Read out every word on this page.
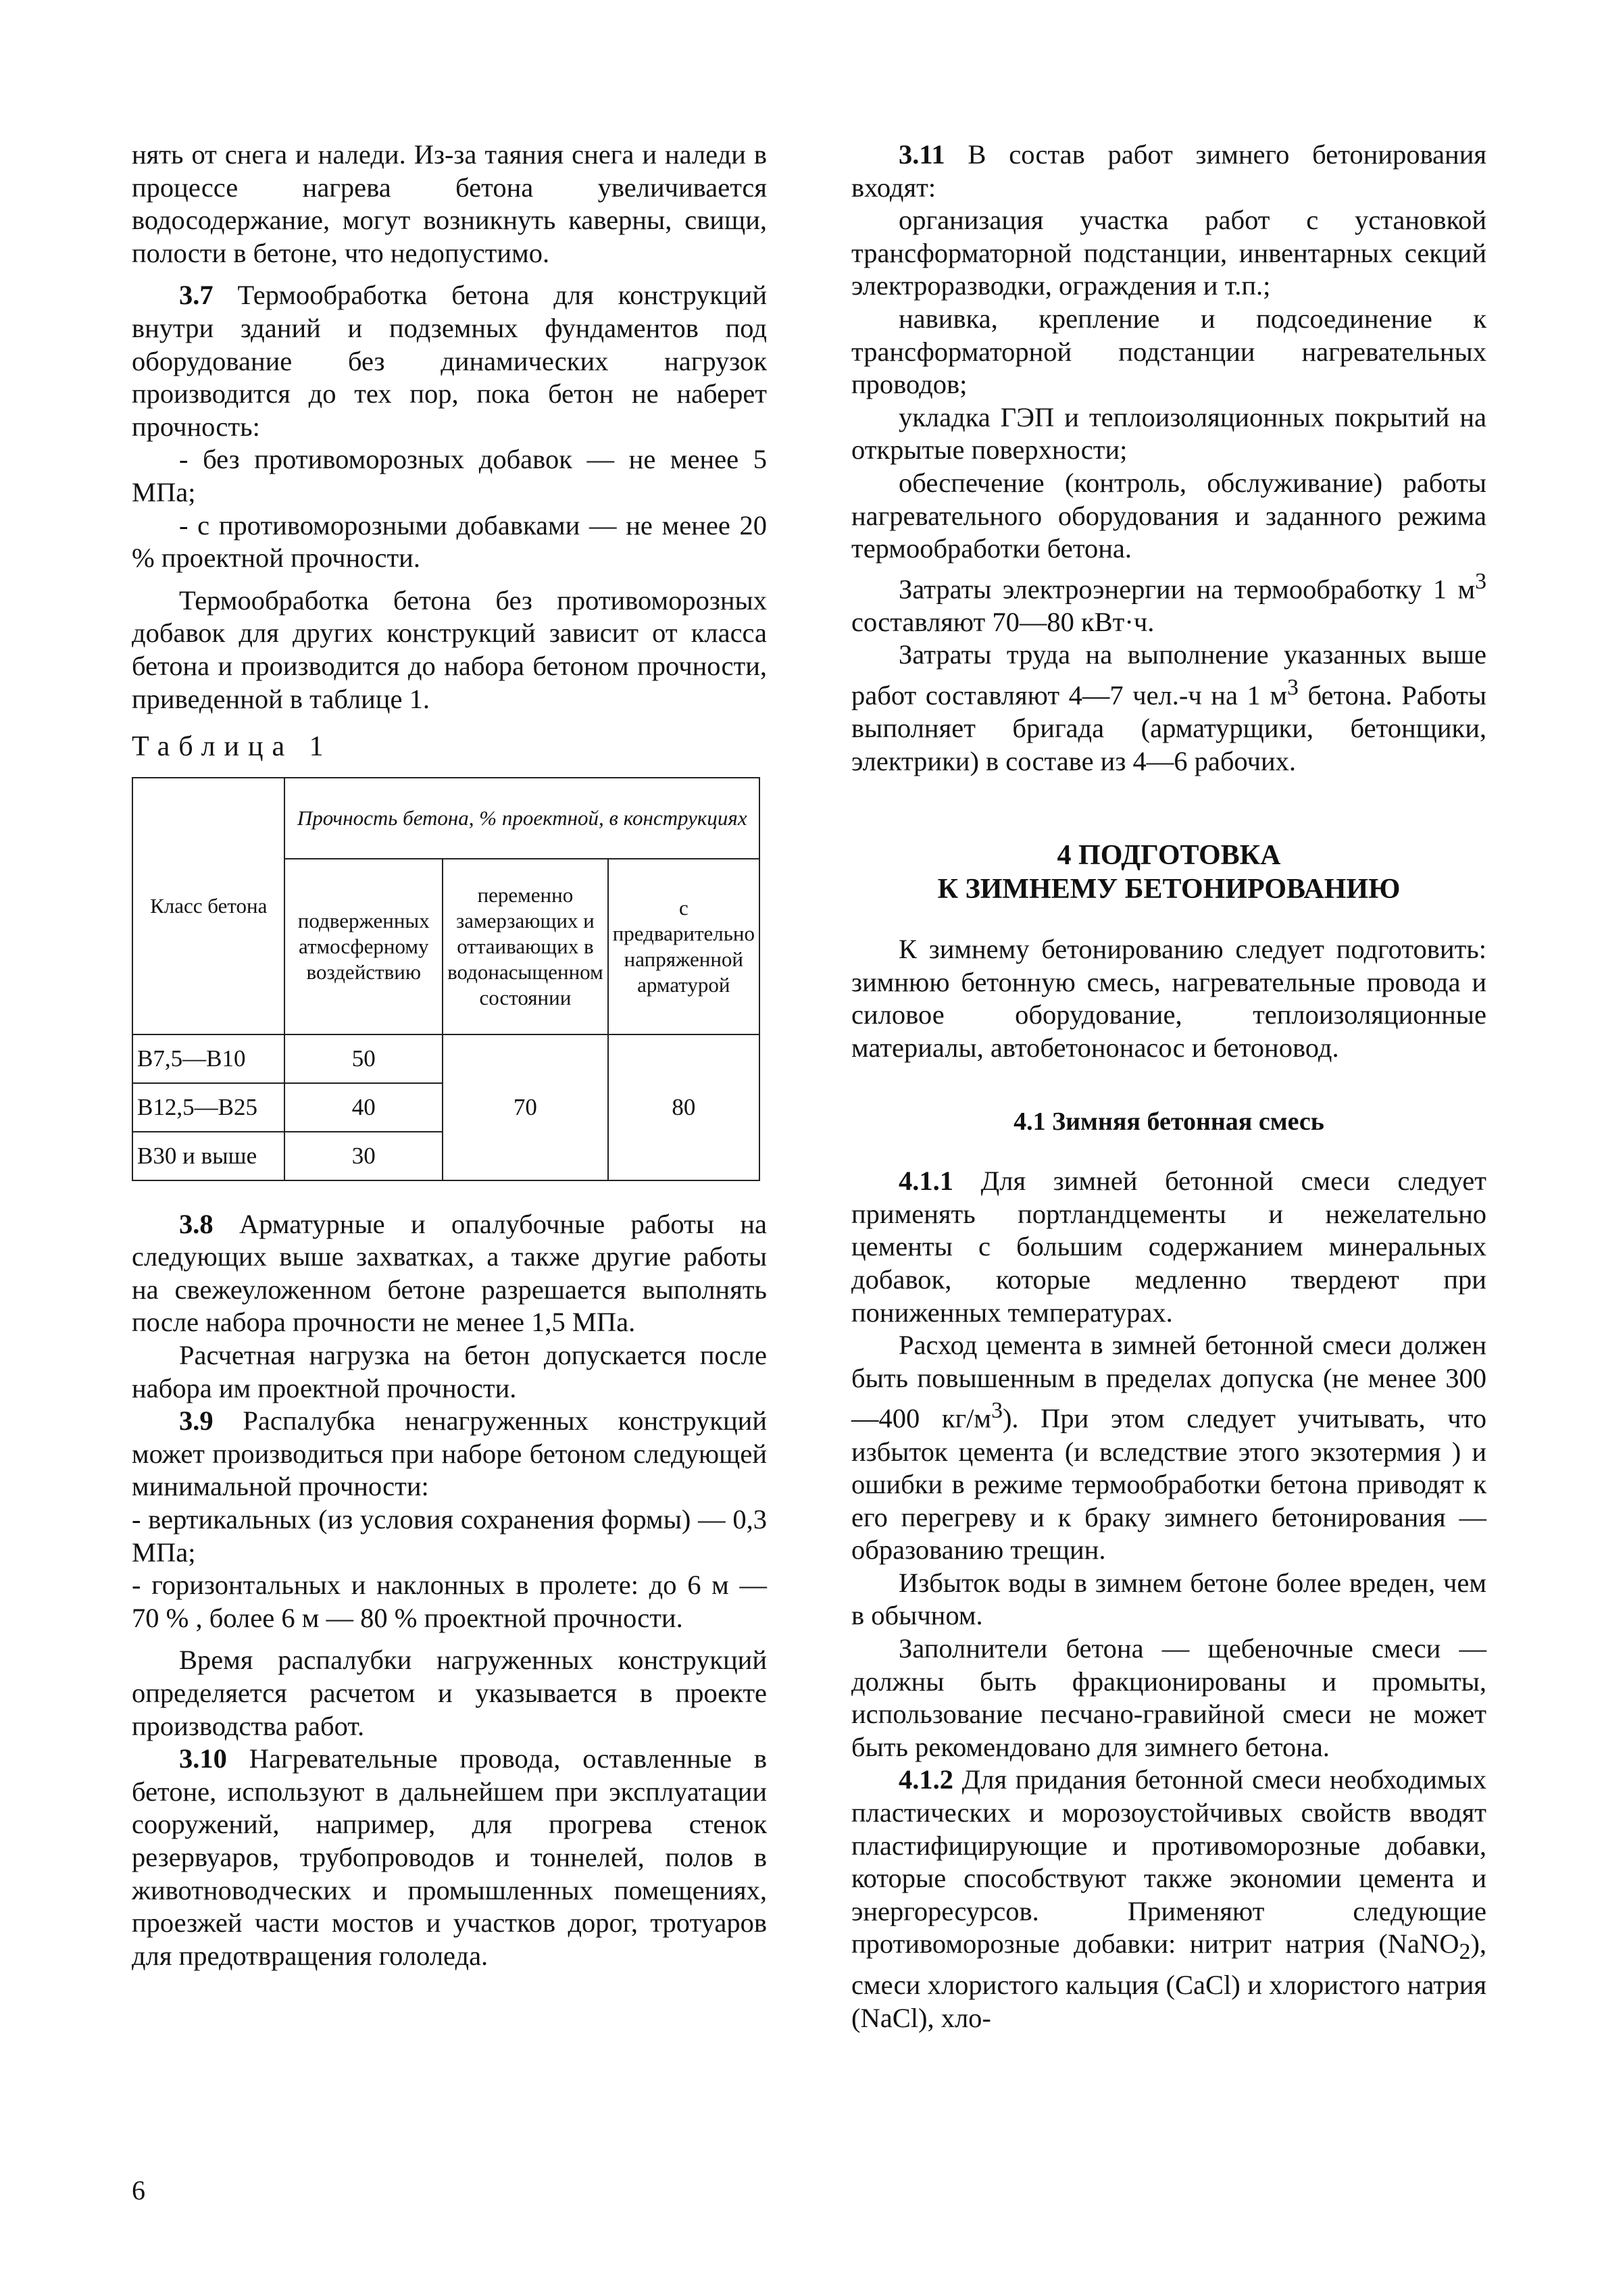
нять от снега и наледи. Из-за таяния снега и наледи в процессе нагрева бетона увеличивается водосодержание, могут возникнуть каверны, свищи, полости в бетоне, что недопустимо.

3.7 Термообработка бетона для конструкций внутри зданий и подземных фундаментов под оборудование без динамических нагрузок производится до тех пор, пока бетон не наберет прочность:

- без противоморозных добавок — не менее 5 МПа;

- с противоморозными добавками — не менее 20 % проектной прочности.

Термообработка бетона без противоморозных добавок для других конструкций зависит от класса бетона и производится до набора бетоном прочности, приведенной в таблице 1.

Таблица 1
Класс бетона	Прочность бетона, % проектной, в конструкциях		
	подверженных атмосферному воздействию	переменно замерзающих и оттаивающих в водонасыщенном состоянии	с предварительно напряженной арматурой
В7,5—В10	50	70	80
В12,5—В25	40		
В30 и выше	30		

3.8 Арматурные и опалубочные работы на следующих выше захватках, а также другие работы на свежеуложенном бетоне разрешается выполнять после набора прочности не менее 1,5 МПа.

Расчетная нагрузка на бетон допускается после набора им проектной прочности.

3.9 Распалубка ненагруженных конструкций может производиться при наборе бетоном следующей минимальной прочности:

- вертикальных (из условия сохранения формы) — 0,3 МПа;

- горизонтальных и наклонных в пролете: до 6 м — 70 % , более 6 м — 80 % проектной прочности.

Время распалубки нагруженных конструкций определяется расчетом и указывается в проекте производства работ.

3.10 Нагревательные провода, оставленные в бетоне, используют в дальнейшем при эксплуатации сооружений, например, для прогрева стенок резервуаров, трубопроводов и тоннелей, полов в животноводческих и промышленных помещениях, проезжей части мостов и участков дорог, тротуаров для предотвращения гололеда.

3.11 В состав работ зимнего бетонирования входят:

организация участка работ с установкой трансформаторной подстанции, инвентарных секций электроразводки, ограждения и т.п.;

навивка, крепление и подсоединение к трансформаторной подстанции нагревательных проводов;

укладка ГЭП и теплоизоляционных покрытий на открытые поверхности;

обеспечение (контроль, обслуживание) работы нагревательного оборудования и заданного режима термообработки бетона.

Затраты электроэнергии на термообработку 1 $м^3$ составляют 70—80 кВт·ч.

Затраты труда на выполнение указанных выше работ составляют 4—7 чел.-ч на 1 $м^3$ бетона. Работы выполняет бригада (арматурщики, бетонщики, электрики) в составе из 4—6 рабочих.

4 ПОДГОТОВКА
К ЗИМНЕМУ БЕТОНИРОВАНИЮ

К зимнему бетонированию следует подготовить: зимнюю бетонную смесь, нагревательные провода и силовое оборудование, теплоизоляционные материалы, автобетононасос и бетоновод.

4.1 Зимняя бетонная смесь

4.1.1 Для зимней бетонной смеси следует применять портландцементы и нежелательно цементы с большим содержанием минеральных добавок, которые медленно твердеют при пониженных температурах.

Расход цемента в зимней бетонной смеси должен быть повышенным в пределах допуска (не менее 300—400 $кг/м^3$). При этом следует учитывать, что избыток цемента (и вследствие этого экзотермия ) и ошибки в режиме термообработки бетона приводят к его перегреву и к браку зимнего бетонирования — образованию трещин.

Избыток воды в зимнем бетоне более вреден, чем в обычном.

Заполнители бетона — щебеночные смеси — должны быть фракционированы и промыты, использование песчано-гравийной смеси не может быть рекомендовано для зимнего бетона.

4.1.2 Для придания бетонной смеси необходимых пластических и морозоустойчивых свойств вводят пластифицирующие и противоморозные добавки, которые способствуют также экономии цемента и энергоресурсов. Применяют следующие противоморозные добавки: нитрит натрия (NaNO$_2$), смеси хлористого кальция (CaCl) и хлористого натрия (NaCl), хло-

6
